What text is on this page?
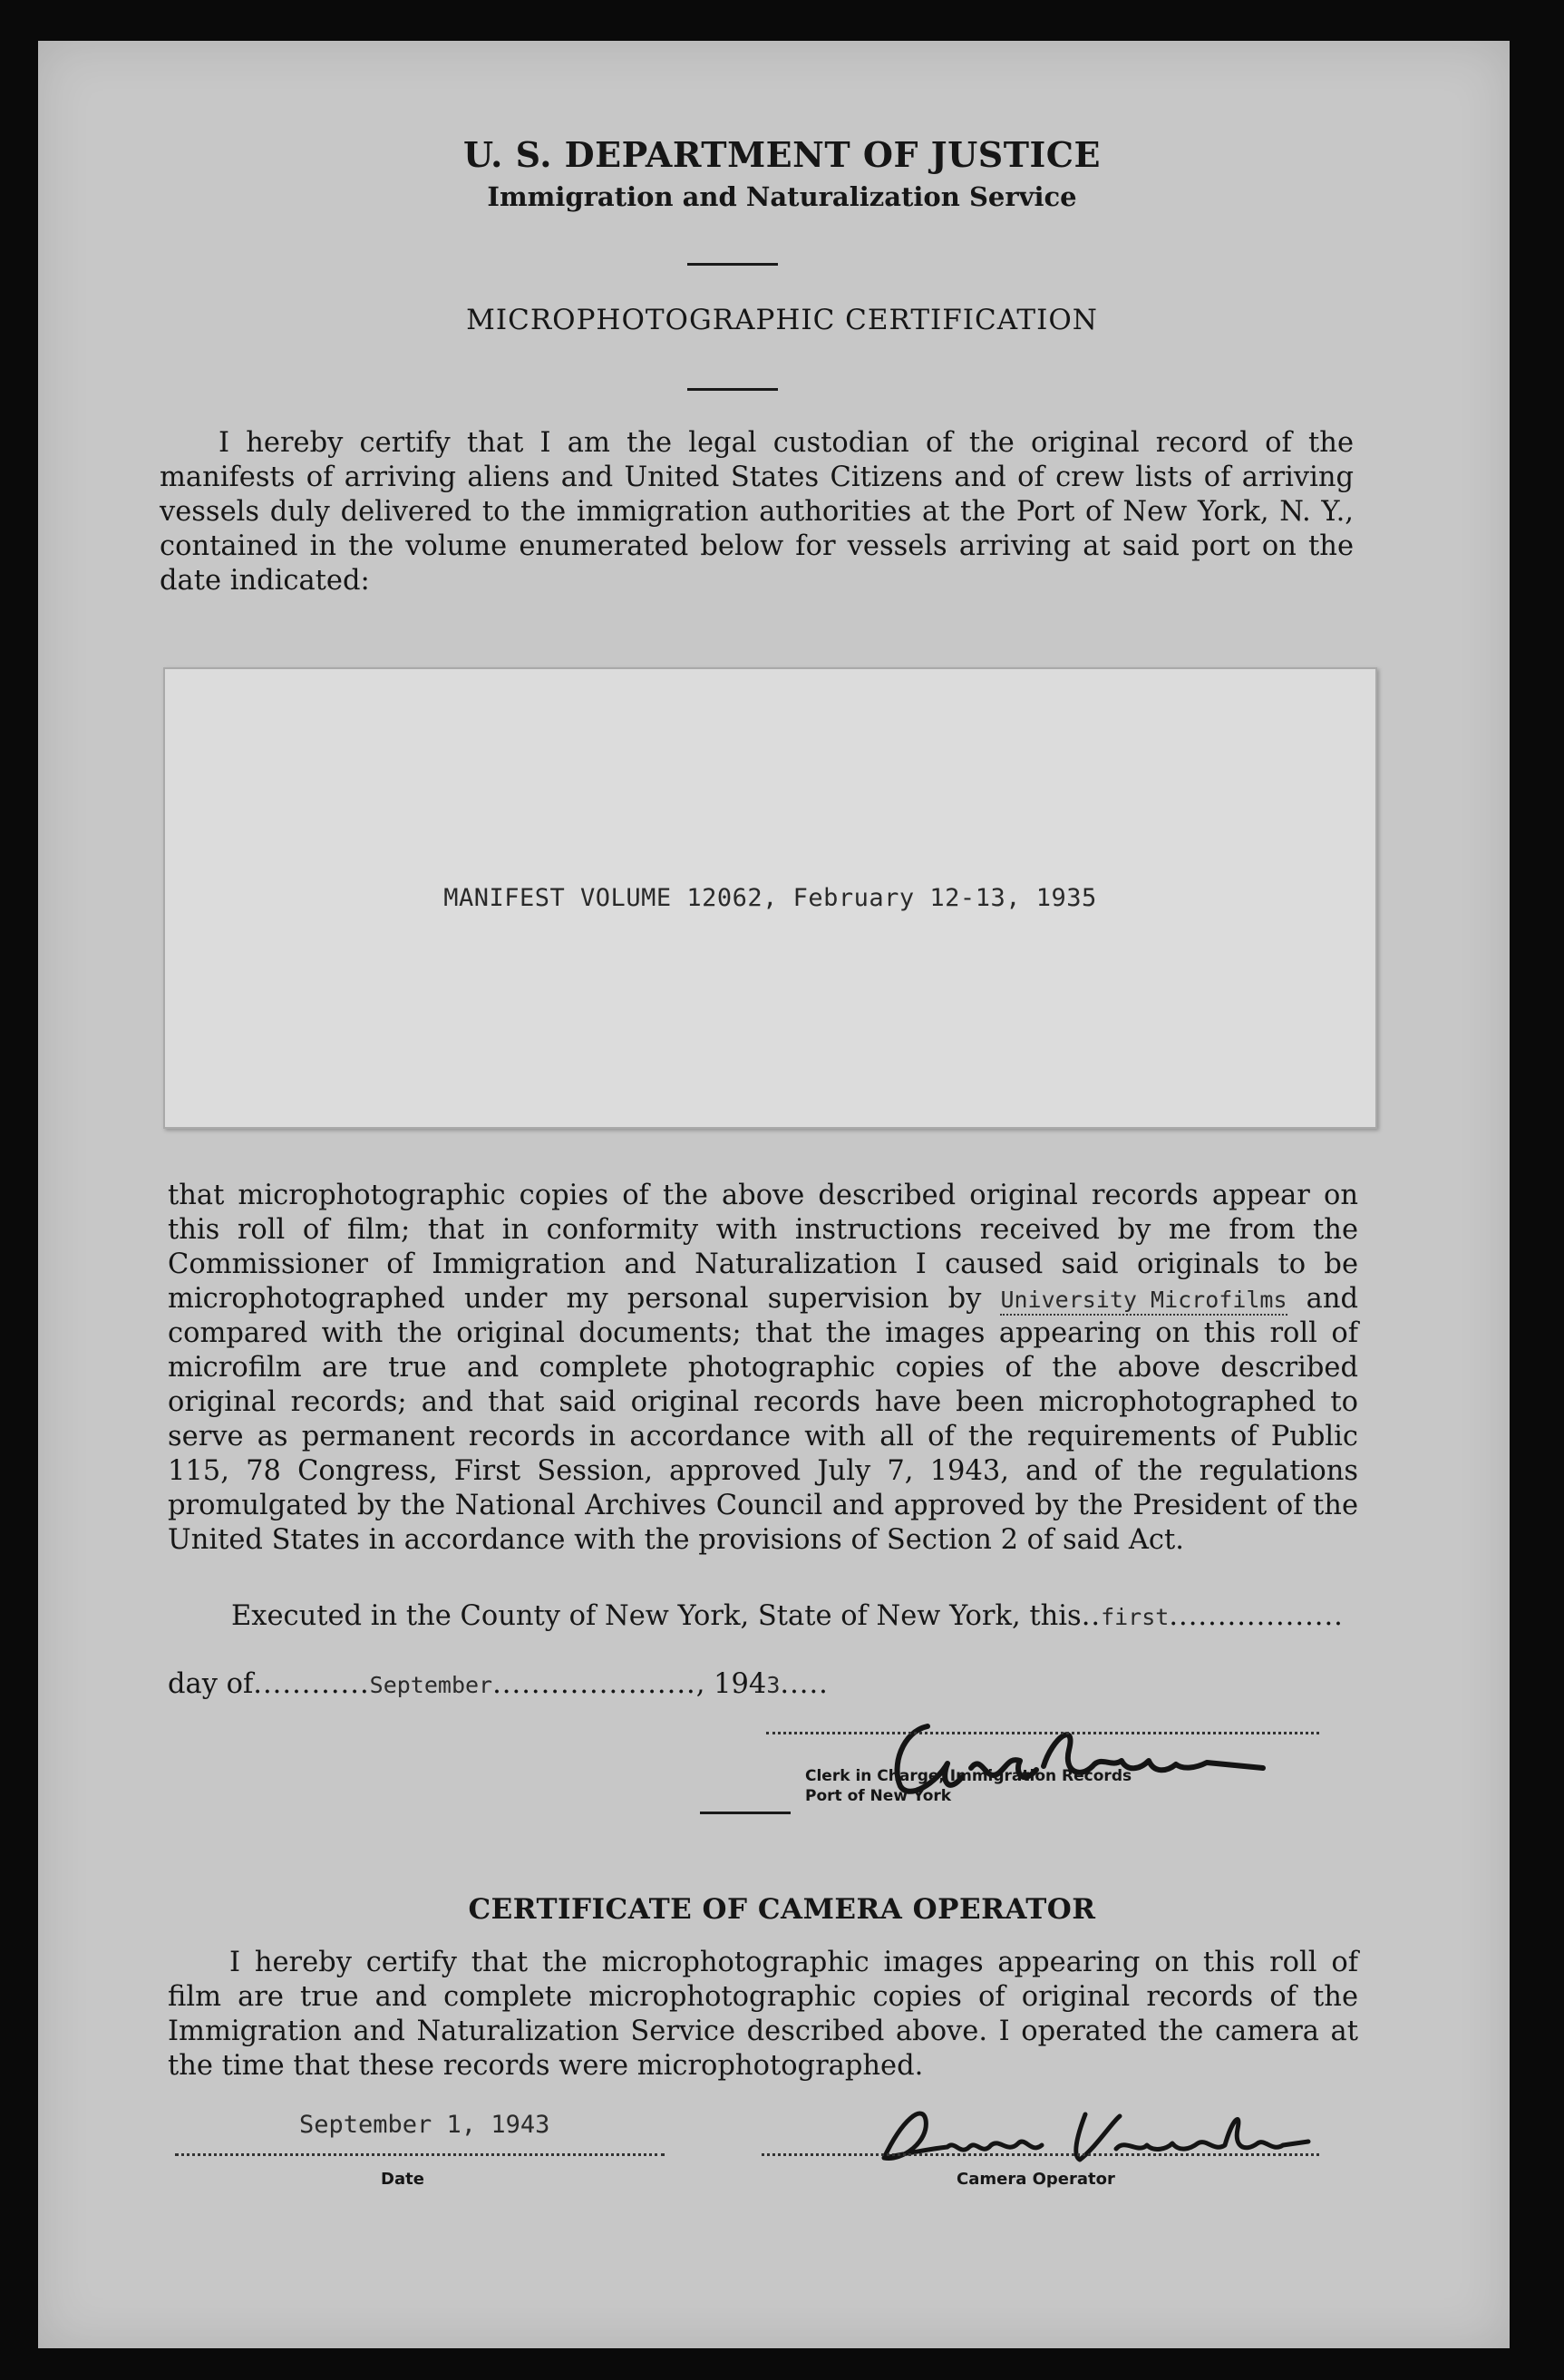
U. S. DEPARTMENT OF JUSTICE
Immigration and Naturalization Service
MICROPHOTOGRAPHIC CERTIFICATION

I hereby certify that I am the legal custodian of the original record of the manifests of arriving aliens and United States Citizens and of crew lists of arriving vessels duly delivered to the immigration authorities at the Port of New York, N. Y., contained in the volume enumerated below for vessels arriving at said port on the date indicated:

MANIFEST VOLUME 12062, February 12-13, 1935

that microphotographic copies of the above described original records appear on this roll of film; that in conformity with instructions received by me from the Commissioner of Immigration and Naturalization I caused said originals to be microphotographed under my personal supervision by University Microfilms and compared with the original documents; that the images appearing on this roll of microfilm are true and complete photographic copies of the above described original records; and that said original records have been microphotographed to serve as permanent records in accordance with all of the requirements of Public 115, 78 Congress, First Session, approved July 7, 1943, and of the regulations promulgated by the National Archives Council and approved by the President of the United States in accordance with the provisions of Section 2 of said Act.

Executed in the County of New York, State of New York, this..first..................
day of............September....................., 1943.....
Clerk in Charge, Immigration Records
Port of New York
CERTIFICATE OF CAMERA OPERATOR

I hereby certify that the microphotographic images appearing on this roll of film are true and complete microphotographic copies of original records of the Immigration and Naturalization Service described above. I operated the camera at the time that these records were microphotographed.

September 1, 1943
Date	Camera Operator
